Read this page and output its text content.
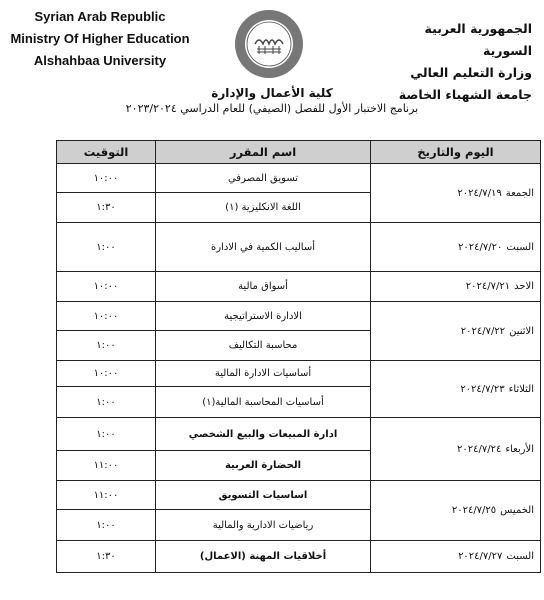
Syrian Arab Republic
Ministry Of Higher Education
Alshahbaa University
الجمهورية العربية السورية
وزارة التعليم العالي
جامعة الشهباء الخاصة
كلية الأعمال والإدارة
برنامج الاختبار الأول للفصل (الصيفي) للعام الدراسي ٢٠٢٣/٢٠٢٤
اليوم والتاريخ	اسم المقرر	التوقيت
الجمعة٢٠٢٤/٧/١٩	تسويق المصرفي	١٠:٠٠
	اللغة الانكليزية (١)	١:٣٠
السبت٢٠٢٤/٧/٢٠	أساليب الكمية في الادارة	١:٠٠
الاحد٢٠٢٤/٧/٢١	أسواق مالية	١٠:٠٠
الاثنين٢٠٢٤/٧/٢٢	الادارة الاستراتيجية	١٠:٠٠
	محاسبة التكاليف	١:٠٠
الثلاثاء٢٠٢٤/٧/٢٣	أساسيات الادارة المالية	١٠:٠٠
	أساسيات المحاسبة المالية(١)	١:٠٠
الأربعاء٢٠٢٤/٧/٢٤	ادارة المبيعات والبيع الشخصي	١:٠٠
	الحضارة العربية	١١:٠٠
الخميس٢٠٢٤/٧/٢٥	اساسيات التسويق	١١:٠٠
	رياضيات الادارية والمالية	١:٠٠
السبت٢٠٢٤/٧/٢٧	أخلاقيات المهنة (الاعمال)	١:٣٠
